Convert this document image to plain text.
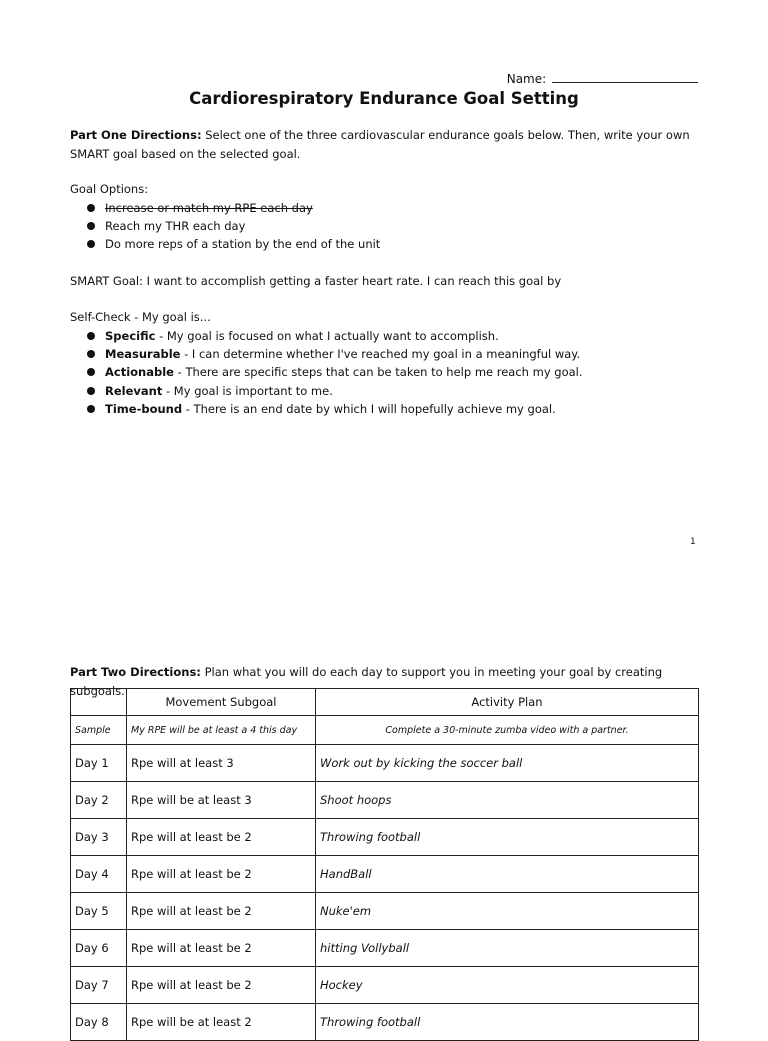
Name:
Cardiorespiratory Endurance Goal Setting
Part One Directions: Select one of the three cardiovascular endurance goals below. Then, write your own SMART goal based on the selected goal.
Goal Options:
Increase or match my RPE each day
Reach my THR each day
Do more reps of a station by the end of the unit
SMART Goal: I want to accomplish getting a faster heart rate. I can reach this goal by
Self-Check - My goal is...
Specific - My goal is focused on what I actually want to accomplish.
Measurable - I can determine whether I've reached my goal in a meaningful way.
Actionable - There are specific steps that can be taken to help me reach my goal.
Relevant - My goal is important to me.
Time-bound - There is an end date by which I will hopefully achieve my goal.
1
Part Two Directions: Plan what you will do each day to support you in meeting your goal by creating subgoals.
	Movement Subgoal	Activity Plan
Sample	My RPE will be at least a 4 this day	Complete a 30-minute zumba video with a partner.
Day 1	Rpe will at least 3	Work out by kicking the soccer ball
Day 2	Rpe will be at least 3	Shoot hoops
Day 3	Rpe will at least be 2	Throwing football
Day 4	Rpe will at least be 2	HandBall
Day 5	Rpe will at least be 2	Nuke'em
Day 6	Rpe will at least be 2	hitting Vollyball
Day 7	Rpe will at least be 2	Hockey
Day 8	Rpe will be at least 2	Throwing football
